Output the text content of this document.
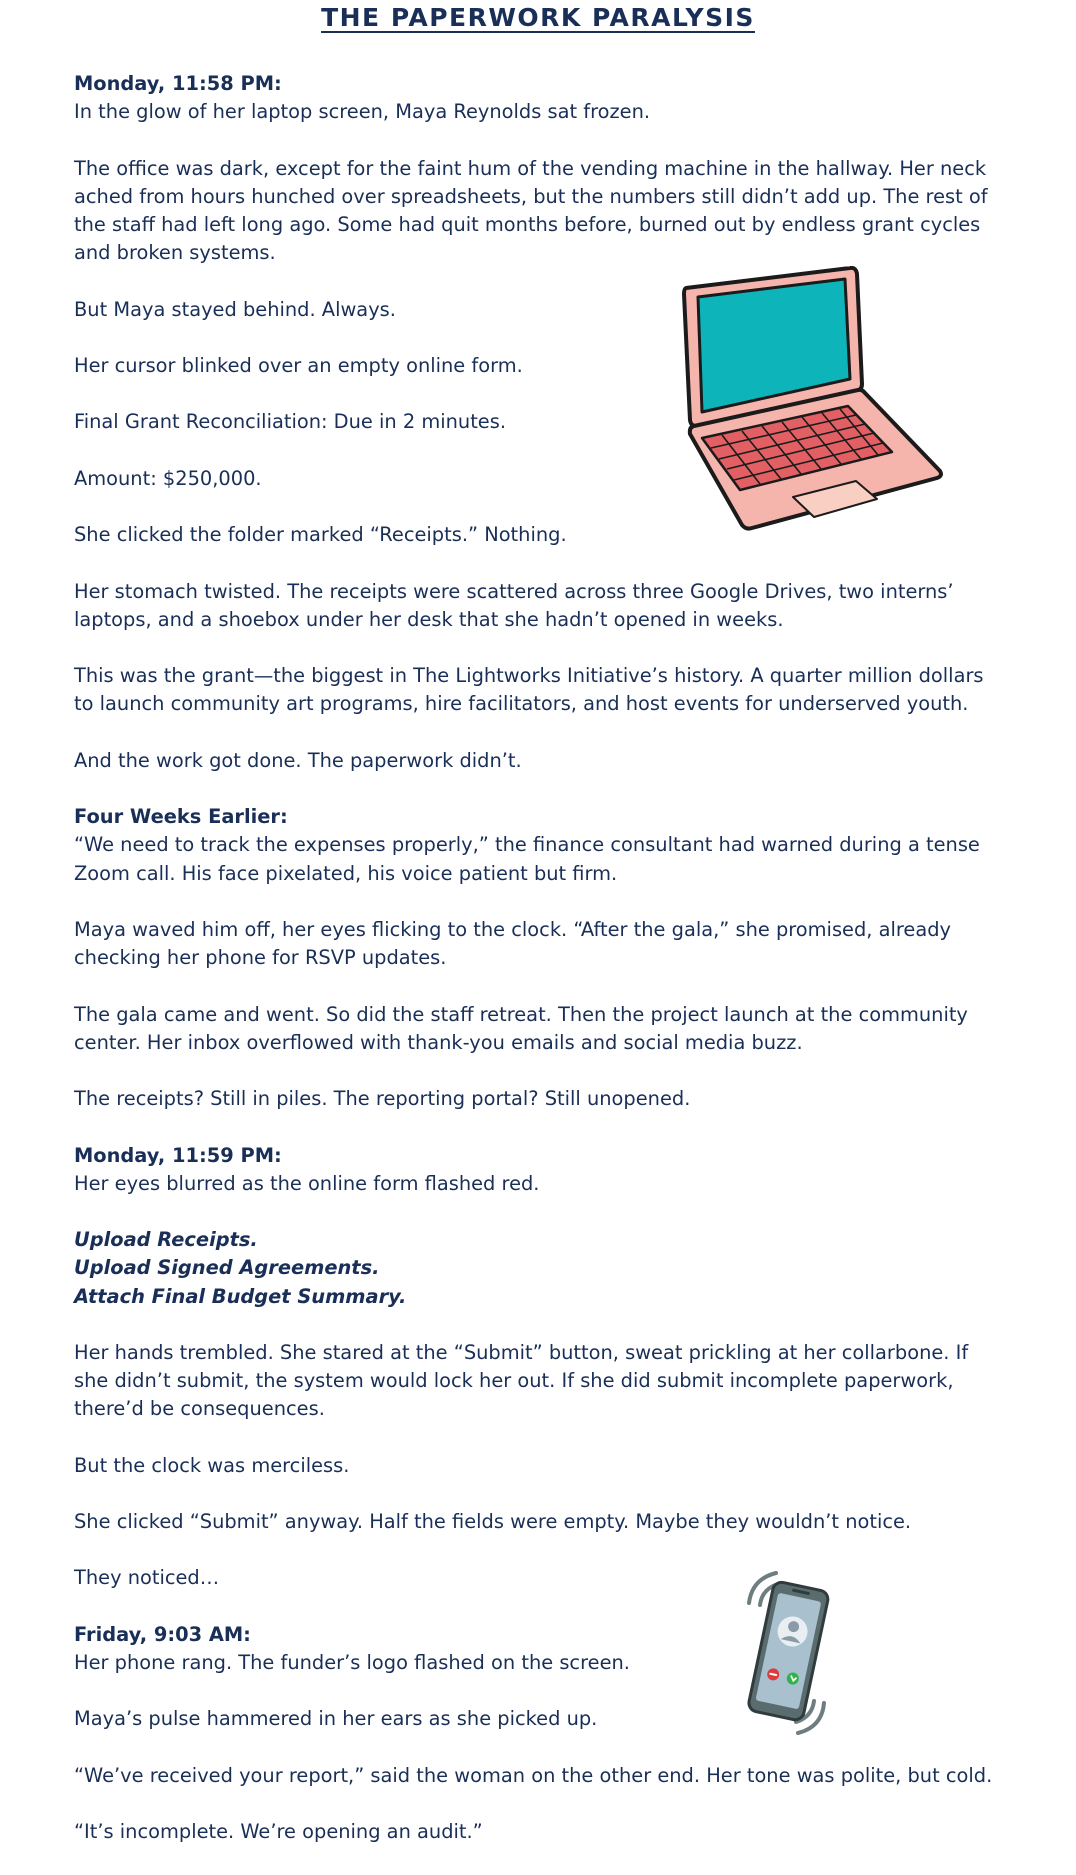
THE PAPERWORK PARALYSIS

Monday, 11:58 PM:
In the glow of her laptop screen, Maya Reynolds sat frozen.

The office was dark, except for the faint hum of the vending machine in the hallway. Her neck ached from hours hunched over spreadsheets, but the numbers still didn’t add up. The rest of the staff had left long ago. Some had quit months before, burned out by endless grant cycles and broken systems.

But Maya stayed behind. Always.

Her cursor blinked over an empty online form.

Final Grant Reconciliation: Due in 2 minutes.

Amount: $250,000.

She clicked the folder marked “Receipts.” Nothing.

Her stomach twisted. The receipts were scattered across three Google Drives, two interns’ laptops, and a shoebox under her desk that she hadn’t opened in weeks.

This was the grant—the biggest in The Lightworks Initiative’s history. A quarter million dollars to launch community art programs, hire facilitators, and host events for underserved youth.

And the work got done. The paperwork didn’t.

Four Weeks Earlier:
“We need to track the expenses properly,” the finance consultant had warned during a tense Zoom call. His face pixelated, his voice patient but firm.

Maya waved him off, her eyes flicking to the clock. “After the gala,” she promised, already checking her phone for RSVP updates.

The gala came and went. So did the staff retreat. Then the project launch at the community center. Her inbox overflowed with thank-you emails and social media buzz.

The receipts? Still in piles. The reporting portal? Still unopened.

Monday, 11:59 PM:
Her eyes blurred as the online form flashed red.

Upload Receipts.
Upload Signed Agreements.
Attach Final Budget Summary.

Her hands trembled. She stared at the “Submit” button, sweat prickling at her collarbone. If she didn’t submit, the system would lock her out. If she did submit incomplete paperwork, there’d be consequences.

But the clock was merciless.

She clicked “Submit” anyway. Half the fields were empty. Maybe they wouldn’t notice.

They noticed…

Friday, 9:03 AM:
Her phone rang. The funder’s logo flashed on the screen.

Maya’s pulse hammered in her ears as she picked up.

“We’ve received your report,” said the woman on the other end. Her tone was polite, but cold.

“It’s incomplete. We’re opening an audit.”
